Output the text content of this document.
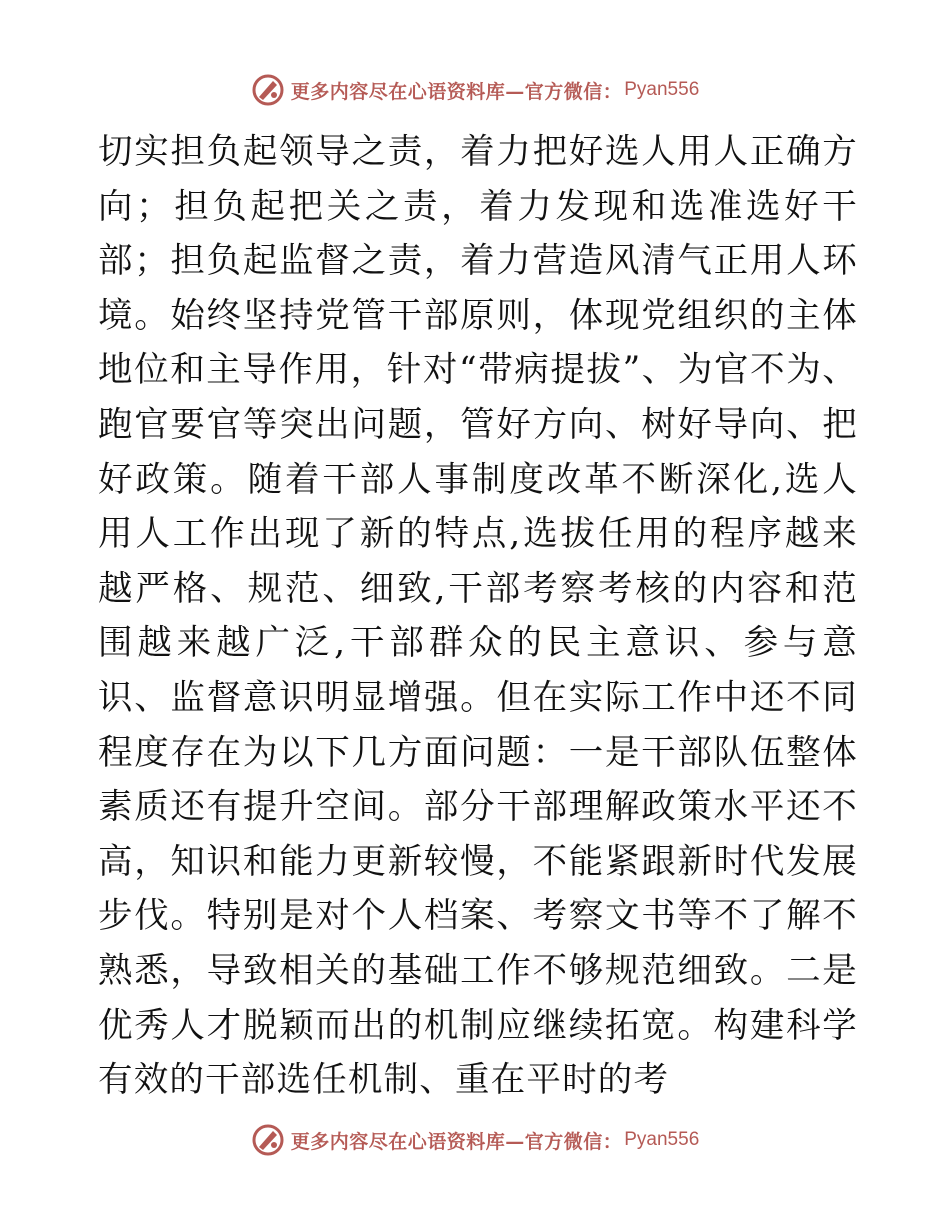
更多内容尽在心语资料库—官方微信： Pyan556

切实担负起领导之责，着力把好选人用人正确方向；担负起把关之责，着力发现和选准选好干部；担负起监督之责，着力营造风清气正用人环境。始终坚持党管干部原则，体现党组织的主体地位和主导作用，针对“带病提拔”、为官不为、跑官要官等突出问题，管好方向、树好导向、把好政策。随着干部人事制度改革不断深化,选人用人工作出现了新的特点,选拔任用的程序越来越严格、规范、细致,干部考察考核的内容和范围越来越广泛,干部群众的民主意识、参与意识、监督意识明显增强。但在实际工作中还不同程度存在为以下几方面问题：一是干部队伍整体素质还有提升空间。部分干部理解政策水平还不高，知识和能力更新较慢，不能紧跟新时代发展步伐。特别是对个人档案、考察文书等不了解不熟悉，导致相关的基础工作不够规范细致。二是优秀人才脱颖而出的机制应继续拓宽。构建科学有效的干部选任机制、重在平时的考

更多内容尽在心语资料库—官方微信： Pyan556
